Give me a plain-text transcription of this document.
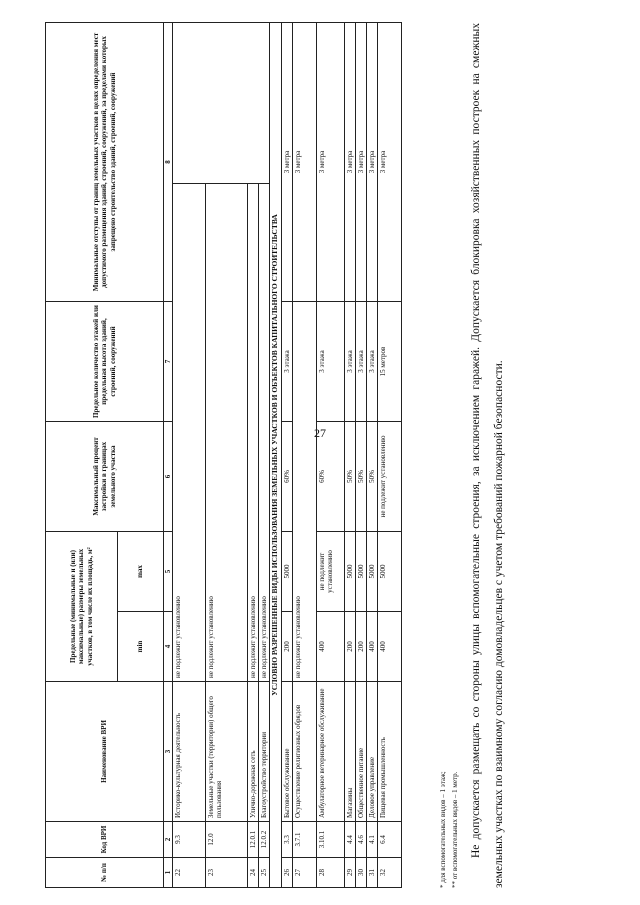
27
№ п/п	Код ВРИ	Наименование ВРИ	Предельные (минимальные и (или) максимальные) размеры земельных участков, в том числе их площадь, м²		Максимальный процент застройки в границах земельного участка	Предельное количество этажей или предельная высота зданий, строений, сооружений	Минимальные отступы от границ земельных участков в целях определения мест допустимого размещения зданий, строений, сооружений, за пределами которых запрещено строительство зданий, строений, сооружений		
			min	max					
1	2	3	4	5	6	7	8		
22	9.3	Историко-культурная деятельность	не подлежит установлению						
23	12.0	Земельные участки (территории) общего пользования	не подлежит установлению						
24	12.0.1	Улично-дорожная сеть	не подлежит установлению						
25	12.0.2	Благоустройство территории	не подлежит установлению						
УСЛОВНО РАЗРЕШЕННЫЕ ВИДЫ ИСПОЛЬЗОВАНИЯ ЗЕМЕЛЬНЫХ УЧАСТКОВ И ОБЪЕКТОВ КАПИТАЛЬНОГО СТРОИТЕЛЬСТВА									
26	3.3	Бытовое обслуживание	200	5000	60%	3 этажа	3 метра		
27	3.7.1	Осуществление религиозных обрядов	не подлежит установлению				3 метра		
28	3.10.1	Амбулаторное ветеринарное обслуживание	400	не подлежит установлению	60%	3 этажа	3 метра		
29	4.4	Магазины	200	5000	50%	3 этажа	3 метра		
30	4.6	Общественное питание	200	5000	50%	3 этажа	3 метра		
31	4.1	Деловое управление	400	5000	50%	3 этажа	3 метра		
32	6.4	Пищевая промышленность	400	5000	не подлежит установлению	15 метров	3 метра		
* для вспомогательных видов – 1 этаж; ** от вспомогательных видов – 1 метр. Не допускается размещать со стороны улицы вспомогательные строения, за исключением гаражей. Допускается блокировка хозяйственных построек на смежных земельных участках по взаимному согласию домовладельцев с учетом требований пожарной безопасности.
